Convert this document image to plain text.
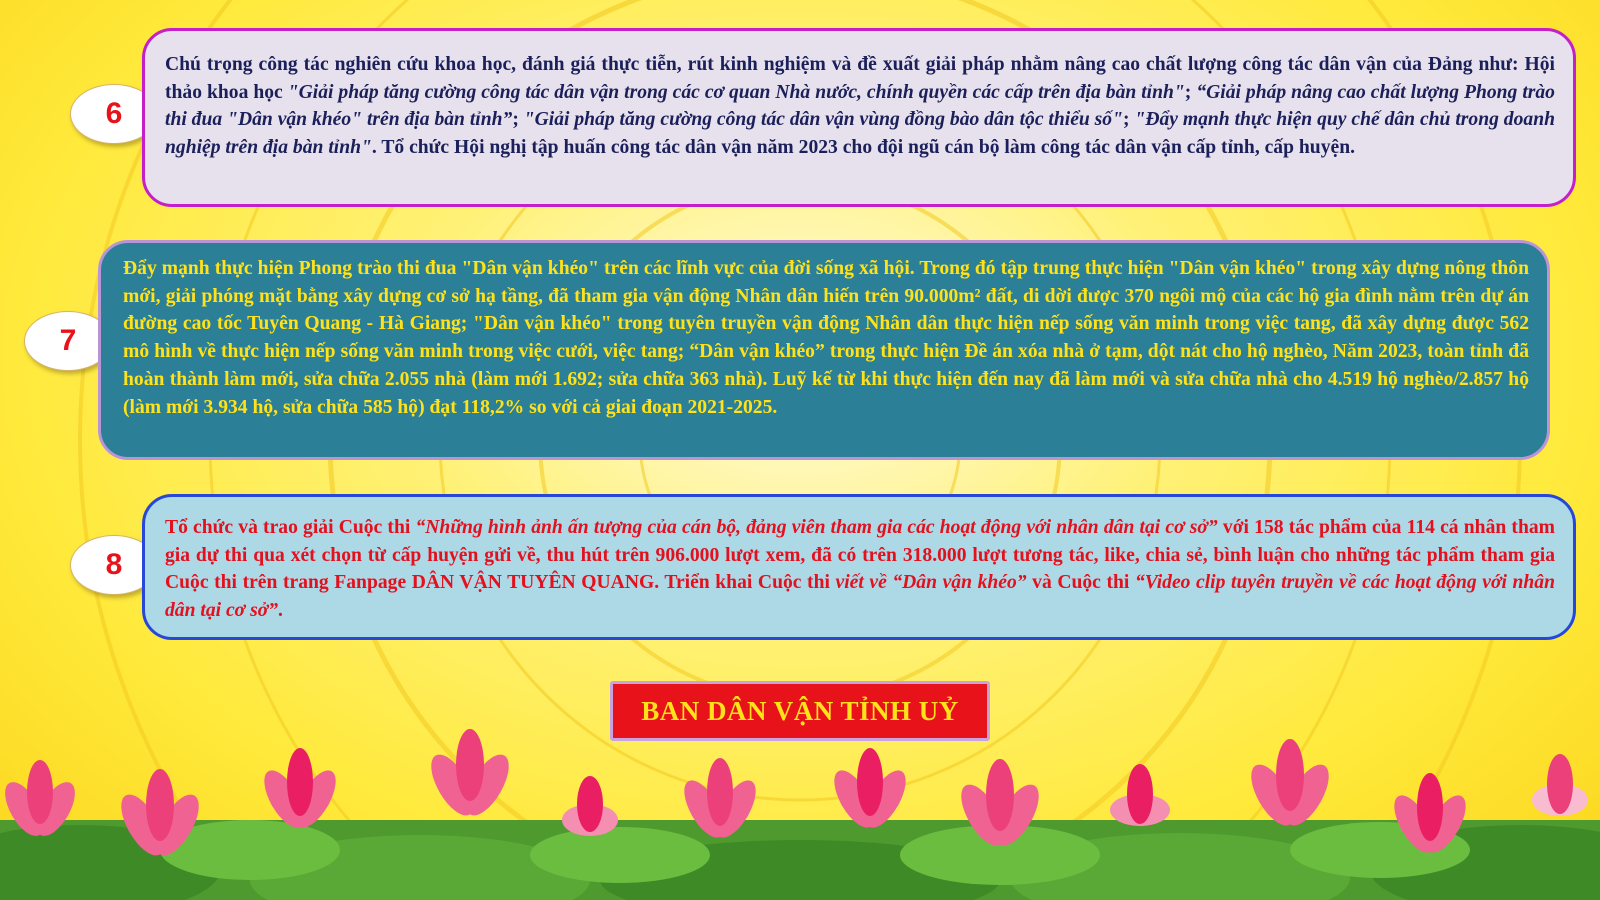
6
Chú trọng công tác nghiên cứu khoa học, đánh giá thực tiễn, rút kinh nghiệm và đề xuất giải pháp nhằm nâng cao chất lượng công tác dân vận của Đảng như: Hội thảo khoa học "Giải pháp tăng cường công tác dân vận trong các cơ quan Nhà nước, chính quyền các cấp trên địa bàn tỉnh"; “Giải pháp nâng cao chất lượng Phong trào thi đua "Dân vận khéo" trên địa bàn tỉnh”; "Giải pháp tăng cường công tác dân vận vùng đồng bào dân tộc thiểu số"; "Đẩy mạnh thực hiện quy chế dân chủ trong doanh nghiệp trên địa bàn tỉnh". Tổ chức Hội nghị tập huấn công tác dân vận năm 2023 cho đội ngũ cán bộ làm công tác dân vận cấp tỉnh, cấp huyện.
7
Đẩy mạnh thực hiện Phong trào thi đua "Dân vận khéo" trên các lĩnh vực của đời sống xã hội. Trong đó tập trung thực hiện "Dân vận khéo" trong xây dựng nông thôn mới, giải phóng mặt bằng xây dựng cơ sở hạ tầng, đã tham gia vận động Nhân dân hiến trên 90.000m² đất, di dời được 370 ngôi mộ của các hộ gia đình nằm trên dự án đường cao tốc Tuyên Quang - Hà Giang; "Dân vận khéo" trong tuyên truyền vận động Nhân dân thực hiện nếp sống văn minh trong việc tang, đã xây dựng được 562 mô hình về thực hiện nếp sống văn minh trong việc cưới, việc tang; “Dân vận khéo” trong thực hiện Đề án xóa nhà ở tạm, dột nát cho hộ nghèo, Năm 2023, toàn tỉnh đã hoàn thành làm mới, sửa chữa 2.055 nhà (làm mới 1.692; sửa chữa 363 nhà). Luỹ kế từ khi thực hiện đến nay đã làm mới và sửa chữa nhà cho 4.519 hộ nghèo/2.857 hộ (làm mới 3.934 hộ, sửa chữa 585 hộ) đạt 118,2% so với cả giai đoạn 2021-2025.
8
Tổ chức và trao giải Cuộc thi “Những hình ảnh ấn tượng của cán bộ, đảng viên tham gia các hoạt động với nhân dân tại cơ sở” với 158 tác phẩm của 114 cá nhân tham gia dự thi qua xét chọn từ cấp huyện gửi về, thu hút trên 906.000 lượt xem, đã có trên 318.000 lượt tương tác, like, chia sẻ, bình luận cho những tác phẩm tham gia Cuộc thi trên trang Fanpage DÂN VẬN TUYÊN QUANG. Triển khai Cuộc thi viết về “Dân vận khéo” và Cuộc thi “Video clip tuyên truyền về các hoạt động với nhân dân tại cơ sở”.
BAN DÂN VẬN TỈNH UỶ
